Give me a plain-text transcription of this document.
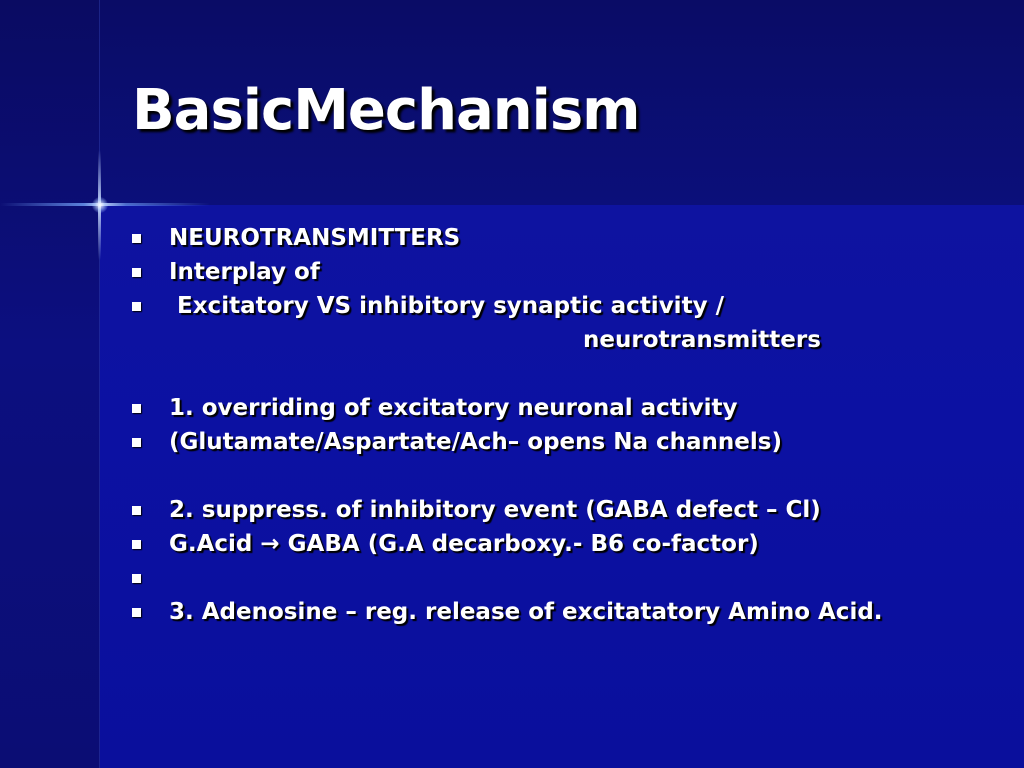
BasicMechanism
NEUROTRANSMITTERS
Interplay of
Excitatory VS inhibitory synaptic activity /
neurotransmitters
1. overriding of excitatory neuronal activity
(Glutamate/Aspartate/Ach– opens Na channels)
2. suppress. of inhibitory event (GABA defect – Cl)
G.Acid → GABA (G.A decarboxy.- B6 co-factor)
3. Adenosine – reg. release of excitatatory Amino Acid.
